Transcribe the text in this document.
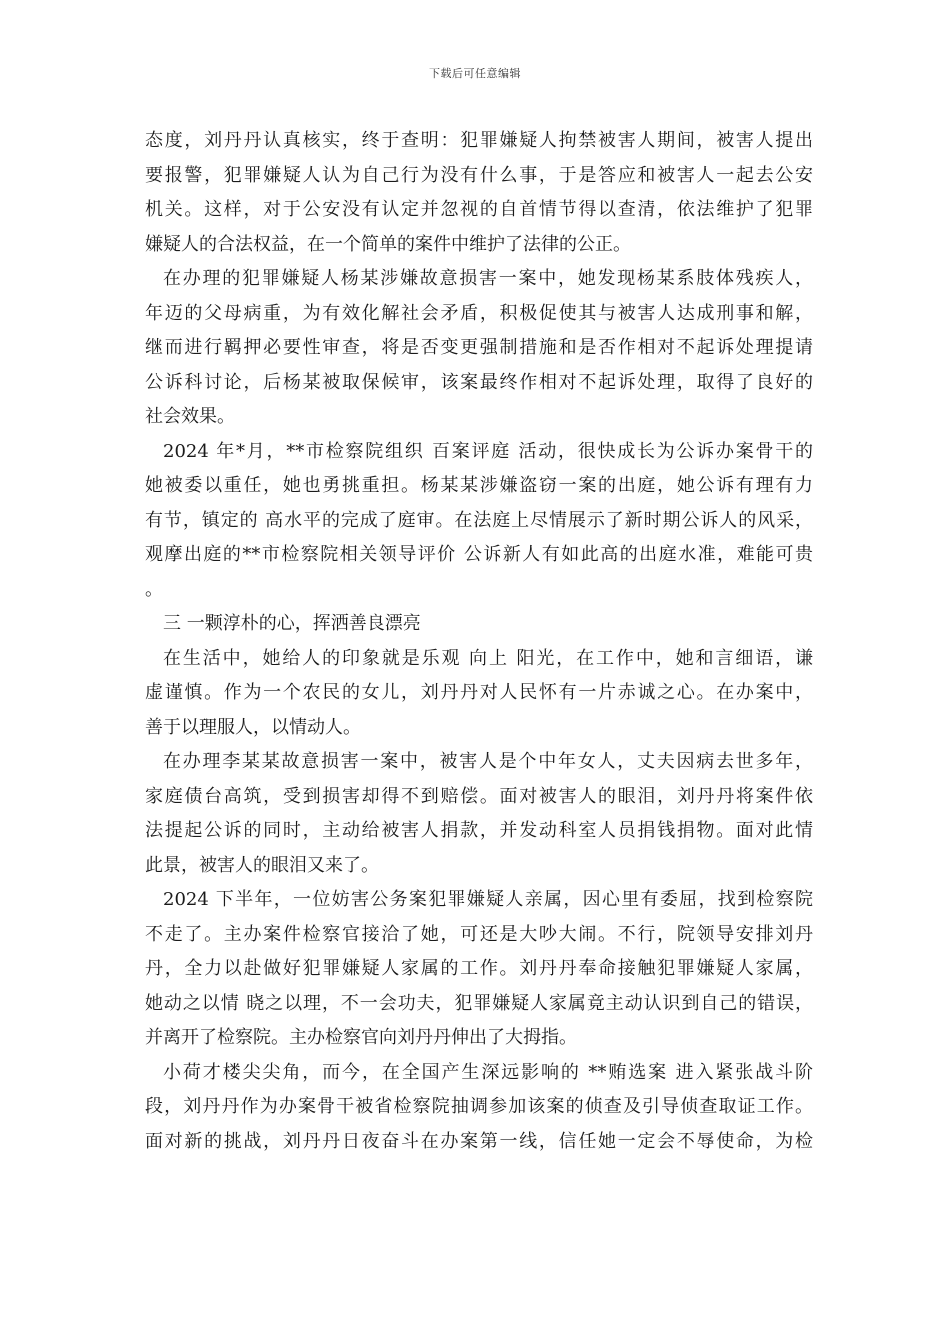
下载后可任意编辑
态度，刘丹丹认真核实，终于查明：犯罪嫌疑人拘禁被害人期间，被害人提出
要报警，犯罪嫌疑人认为自己行为没有什么事，于是答应和被害人一起去公安
机关。这样，对于公安没有认定并忽视的自首情节得以查清，依法维护了犯罪
嫌疑人的合法权益，在一个简单的案件中维护了法律的公正。
在办理的犯罪嫌疑人杨某涉嫌故意损害一案中，她发现杨某系肢体残疾人，
年迈的父母病重，为有效化解社会矛盾，积极促使其与被害人达成刑事和解，
继而进行羁押必要性审查，将是否变更强制措施和是否作相对不起诉处理提请
公诉科讨论，后杨某被取保候审，该案最终作相对不起诉处理，取得了良好的
社会效果。
2024 年*月，**市检察院组织 百案评庭 活动，很快成长为公诉办案骨干的
她被委以重任，她也勇挑重担。杨某某涉嫌盗窃一案的出庭，她公诉有理有力
有节，镇定的 高水平的完成了庭审。在法庭上尽情展示了新时期公诉人的风采，
观摩出庭的**市检察院相关领导评价 公诉新人有如此高的出庭水准，难能可贵
。
三 一颗淳朴的心，挥洒善良漂亮
在生活中，她给人的印象就是乐观 向上 阳光，在工作中，她和言细语，谦
虚谨慎。作为一个农民的女儿，刘丹丹对人民怀有一片赤诚之心。在办案中，
善于以理服人，以情动人。
在办理李某某故意损害一案中，被害人是个中年女人，丈夫因病去世多年，
家庭债台高筑，受到损害却得不到赔偿。面对被害人的眼泪，刘丹丹将案件依
法提起公诉的同时，主动给被害人捐款，并发动科室人员捐钱捐物。面对此情
此景，被害人的眼泪又来了。
2024 下半年，一位妨害公务案犯罪嫌疑人亲属，因心里有委屈，找到检察院
不走了。主办案件检察官接洽了她，可还是大吵大闹。不行，院领导安排刘丹
丹，全力以赴做好犯罪嫌疑人家属的工作。刘丹丹奉命接触犯罪嫌疑人家属，
她动之以情 晓之以理，不一会功夫，犯罪嫌疑人家属竟主动认识到自己的错误，
并离开了检察院。主办检察官向刘丹丹伸出了大拇指。
小荷才楼尖尖角，而今，在全国产生深远影响的 **贿选案 进入紧张战斗阶
段，刘丹丹作为办案骨干被省检察院抽调参加该案的侦查及引导侦查取证工作。
面对新的挑战，刘丹丹日夜奋斗在办案第一线，信任她一定会不辱使命，为检
